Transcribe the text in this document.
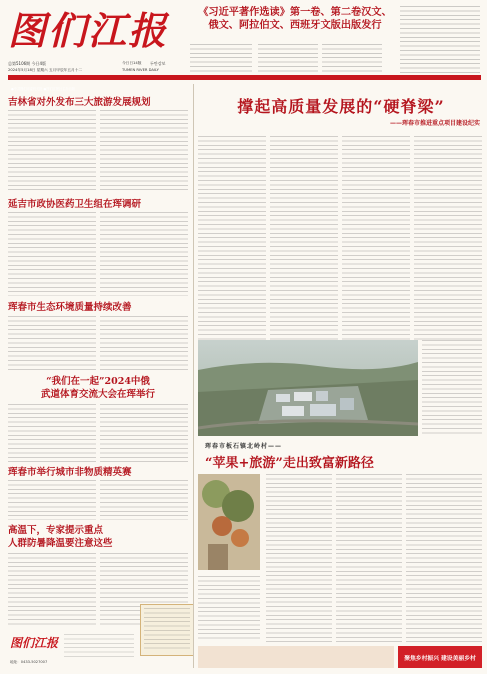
图们江报
总第5106期 今日4版
2024年5月18日 星期六 五月甲辰年五月十二
今日日14版 두만강보
TUMEN RIVER DAILY
●中共图们市委机关报 ●图们江报社主办出版
《习近平著作选读》第一卷、第二卷汉文、
俄文、阿拉伯文、西班牙文版出版发行
吉林省对外发布三大旅游发展规划
延吉市政协医药卫生组在珲调研
珲春市生态环境质量持续改善
“我们在一起”2024中俄
武道体育交流大会在珲举行
珲春市举行城市非物质精英赛
高温下，专家提示重点
人群防暑降温要注意这些
图们江报
地址：0433-5027007
撑起高质量发展的“硬脊梁”
——珲春市推进重点项目建设纪实
珲春市板石镇北岭村——
“苹果+旅游”走出致富新路径
聚焦乡村振兴 建设美丽乡村
